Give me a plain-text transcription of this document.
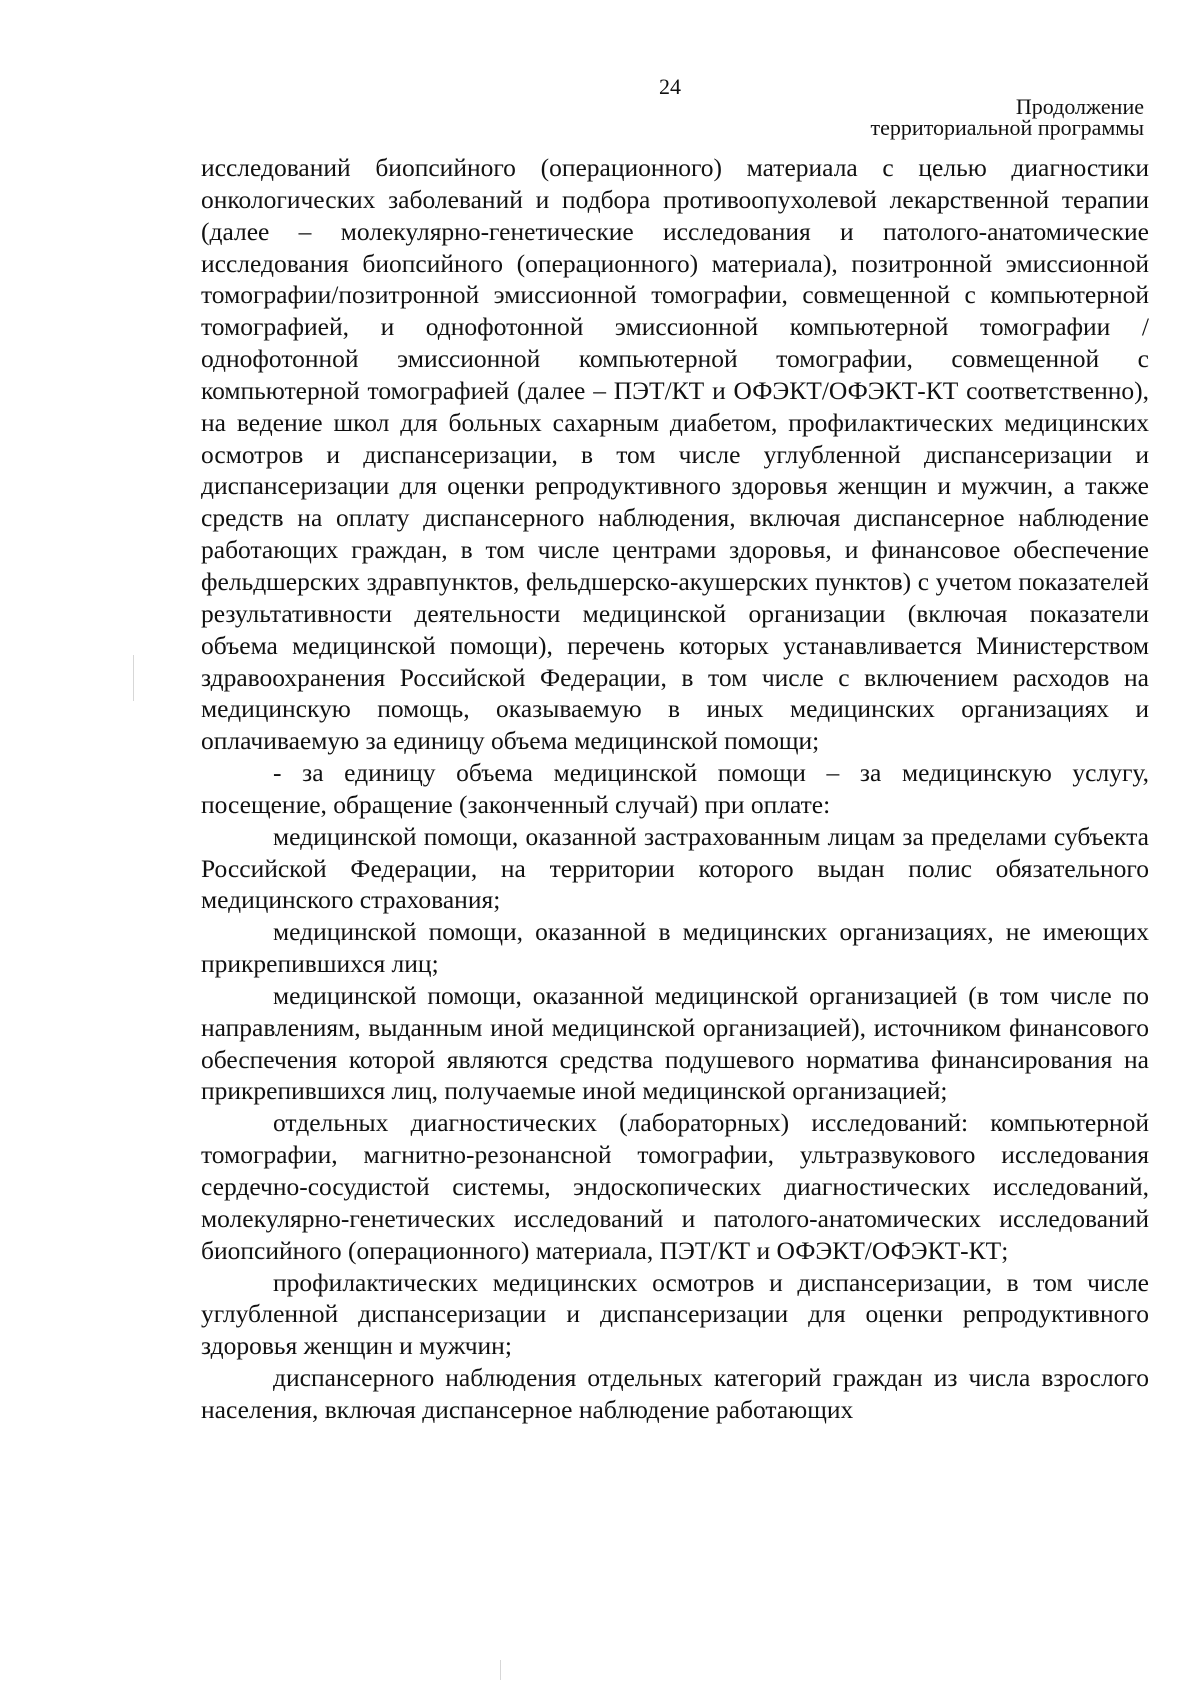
24
Продолжение
территориальной программы

исследований биопсийного (операционного) материала с целью диагностики онкологических заболеваний и подбора противоопухолевой лекарственной терапии (далее – молекулярно-генетические исследования и патолого-анатомические исследования биопсийного (операционного) материала), позитронной эмиссионной томографии/позитронной эмиссионной томографии, совмещенной с компьютерной томографией, и однофотонной эмиссионной компьютерной томографии / однофотонной эмиссионной компьютерной томографии, совмещенной с компьютерной томографией (далее – ПЭТ/КТ и ОФЭКТ/ОФЭКТ-КТ соответственно), на ведение школ для больных сахарным диабетом, профилактических медицинских осмотров и диспансеризации, в том числе углубленной диспансеризации и диспансеризации для оценки репродуктивного здоровья женщин и мужчин, а также средств на оплату диспансерного наблюдения, включая диспансерное наблюдение работающих граждан, в том числе центрами здоровья, и финансовое обеспечение фельдшерских здравпунктов, фельдшерско-акушерских пунктов) с учетом показателей результативности деятельности медицинской организации (включая показатели объема медицинской помощи), перечень которых устанавливается Министерством здравоохранения Российской Федерации, в том числе с включением расходов на медицинскую помощь, оказываемую в иных медицинских организациях и оплачиваемую за единицу объема медицинской помощи;

- за единицу объема медицинской помощи – за медицинскую услугу, посещение, обращение (законченный случай) при оплате:

медицинской помощи, оказанной застрахованным лицам за пределами субъекта Российской Федерации, на территории которого выдан полис обязательного медицинского страхования;

медицинской помощи, оказанной в медицинских организациях, не имеющих прикрепившихся лиц;

медицинской помощи, оказанной медицинской организацией (в том числе по направлениям, выданным иной медицинской организацией), источником финансового обеспечения которой являются средства подушевого норматива финансирования на прикрепившихся лиц, получаемые иной медицинской организацией;

отдельных диагностических (лабораторных) исследований: компьютерной томографии, магнитно-резонансной томографии, ультразвукового исследования сердечно-сосудистой системы, эндоскопических диагностических исследований, молекулярно-генетических исследований и патолого-анатомических исследований биопсийного (операционного) материала, ПЭТ/КТ и ОФЭКТ/ОФЭКТ-КТ;

профилактических медицинских осмотров и диспансеризации, в том числе углубленной диспансеризации и диспансеризации для оценки репродуктивного здоровья женщин и мужчин;

диспансерного наблюдения отдельных категорий граждан из числа взрослого населения, включая диспансерное наблюдение работающих
